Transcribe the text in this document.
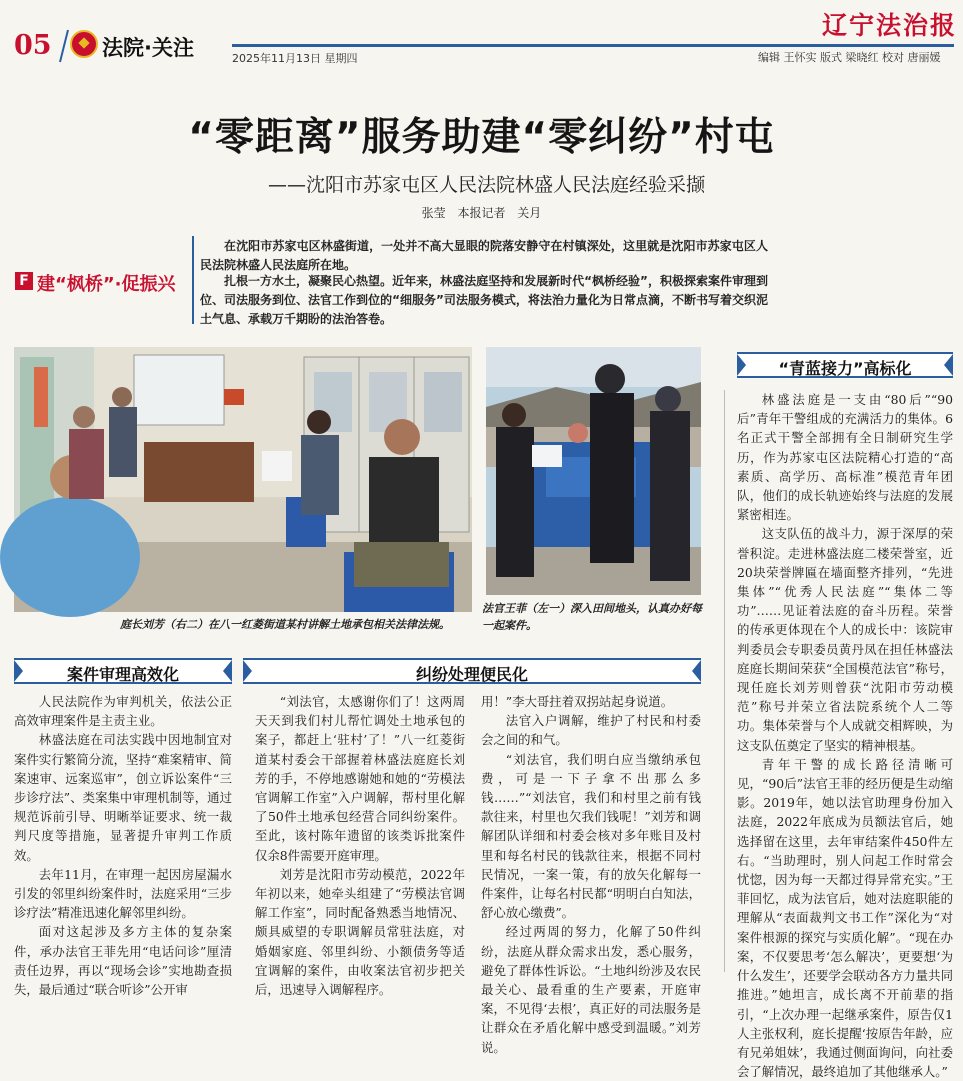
05 法院·关注	2025年11月13日 星期四
辽宁法治报
编辑 王怀实 版式 梁晓红 校对 唐丽媛
“零距离”服务助建“零纠纷”村屯
——沈阳市苏家屯区人民法院林盛人民法庭经验采撷
张莹 本报记者 关月
F 建“枫桥”·促振兴

在沈阳市苏家屯区林盛街道，一处并不高大显眼的院落安静守在村镇深处，这里就是沈阳市苏家屯区人民法院林盛人民法庭所在地。

扎根一方水土，凝聚民心热望。近年来，林盛法庭坚持和发展新时代“枫桥经验”，积极探索案件审理到位、司法服务到位、法官工作到位的“细服务”司法服务模式，将法治力量化为日常点滴，不断书写着交织泥土气息、承载万千期盼的法治答卷。

庭长刘芳（右二）在八一红菱街道某村讲解土地承包相关法律法规。
法官王菲（左一）深入田间地头，认真办好每一起案件。
“青蓝接力”高标化
案件审理高效化	纠纷处理便民化

人民法院作为审判机关，依法公正高效审理案件是主责主业。

林盛法庭在司法实践中因地制宜对案件实行繁简分流，坚持“难案精审、简案速审、远案巡审”，创立诉讼案件“三步诊疗法”、类案集中审理机制等，通过规范诉前引导、明晰举证要求、统一裁判尺度等措施，显著提升审判工作质效。

去年11月，在审理一起因房屋漏水引发的邻里纠纷案件时，法庭采用“三步诊疗法”精准迅速化解邻里纠纷。

面对这起涉及多方主体的复杂案件，承办法官王菲先用“电话问诊”厘清责任边界，再以“现场会诊”实地勘查损失，最后通过“联合听诊”公开审

“刘法官，太感谢你们了！这两周天天到我们村儿帮忙调处土地承包的案子，都赶上‘驻村’了！”八一红菱街道某村委会干部握着林盛法庭庭长刘芳的手，不停地感谢她和她的“劳模法官调解工作室”入户调解，帮村里化解了50件土地承包经营合同纠纷案件。至此，该村陈年遗留的该类诉批案件仅余8件需要开庭审理。

刘芳是沈阳市劳动模范，2022年年初以来，她牵头组建了“劳模法官调解工作室”，同时配备熟悉当地情况、颇具威望的专职调解员常驻法庭，对婚姻家庭、邻里纠纷、小额债务等适宜调解的案件，由收案法官初步把关后，迅速导入调解程序。

用！”李大哥拄着双拐站起身说道。

法官入户调解，维护了村民和村委会之间的和气。

“刘法官，我们明白应当缴纳承包费，可是一下子拿不出那么多钱……”“刘法官，我们和村里之前有钱款往来，村里也欠我们钱呢！”刘芳和调解团队详细和村委会核对多年账目及村里和每名村民的钱款往来，根据不同村民情况，一案一策，有的放矢化解每一件案件，让每名村民都“明明白白知法，舒心放心缴费”。

经过两周的努力，化解了50件纠纷，法庭从群众需求出发，悉心服务，避免了群体性诉讼。“土地纠纷涉及农民最关心、最看重的生产要素，开庭审案，不见得‘去根’，真正好的司法服务是让群众在矛盾化解中感受到温暖。”刘芳说。

林盛法庭是一支由“80后”“90后”青年干警组成的充满活力的集体。6名正式干警全部拥有全日制研究生学历，作为苏家屯区法院精心打造的“高素质、高学历、高标准”模范青年团队，他们的成长轨迹始终与法庭的发展紧密相连。

这支队伍的战斗力，源于深厚的荣誉积淀。走进林盛法庭二楼荣誉室，近20块荣誉牌匾在墙面整齐排列，“先进集体”“优秀人民法庭”“集体二等功”……见证着法庭的奋斗历程。荣誉的传承更体现在个人的成长中：该院审判委员会专职委员黄丹凤在担任林盛法庭庭长期间荣获“全国模范法官”称号，现任庭长刘芳则曾获“沈阳市劳动模范”称号并荣立省法院系统个人二等功。集体荣誉与个人成就交相辉映，为这支队伍奠定了坚实的精神根基。

青年干警的成长路径清晰可见，“90后”法官王菲的经历便是生动缩影。2019年，她以法官助理身份加入法庭，2022年底成为员额法官后，她选择留在这里，去年审结案件450件左右。“当助理时，别人问起工作时常会忧惚，因为每一天都过得异常充实。”王菲回忆，成为法官后，她对法庭职能的理解从“表面裁判文书工作”深化为“对案件根源的探究与实质化解”。“现在办案，不仅要思考‘怎么解决’，更要想‘为什么发生’，还要学会联动各方力量共同推进。”她坦言，成长离不开前辈的指引，“上次办理一起继承案件，原告仅1人主张权利，庭长提醒‘按原告年龄，应有兄弟姐妹’，我通过侧面询问，向社委会了解情况，最终追加了其他继承人。”
